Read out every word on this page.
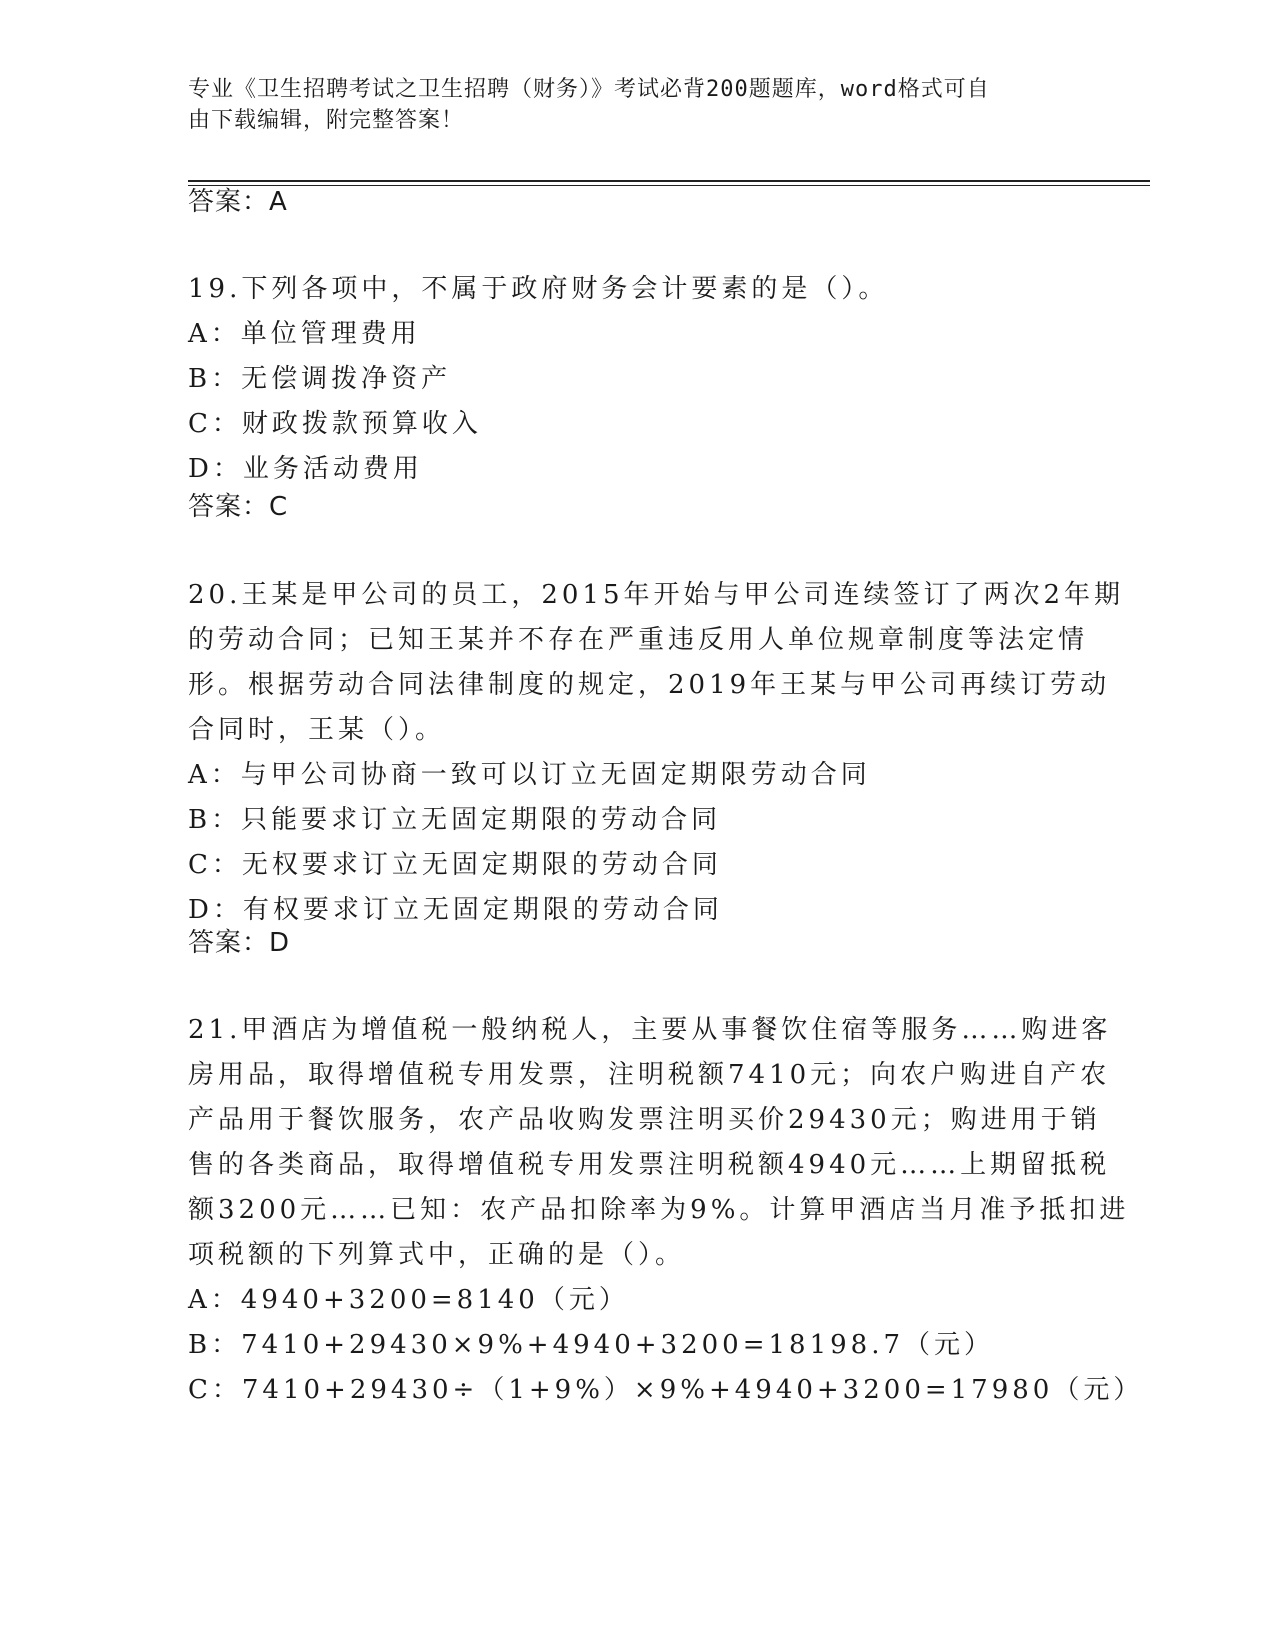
专业《卫生招聘考试之卫生招聘（财务）》考试必背200题题库，word格式可自
由下载编辑，附完整答案！
答案：A
19.下列各项中，不属于政府财务会计要素的是（）。
A：单位管理费用
B：无偿调拨净资产
C：财政拨款预算收入
D：业务活动费用
答案：C
20.王某是甲公司的员工，2015年开始与甲公司连续签订了两次2年期
的劳动合同；已知王某并不存在严重违反用人单位规章制度等法定情
形。根据劳动合同法律制度的规定，2019年王某与甲公司再续订劳动
合同时，王某（）。
A：与甲公司协商一致可以订立无固定期限劳动合同
B：只能要求订立无固定期限的劳动合同
C：无权要求订立无固定期限的劳动合同
D：有权要求订立无固定期限的劳动合同
答案：D
21.甲酒店为增值税一般纳税人，主要从事餐饮住宿等服务……购进客
房用品，取得增值税专用发票，注明税额7410元；向农户购进自产农
产品用于餐饮服务，农产品收购发票注明买价29430元；购进用于销
售的各类商品，取得增值税专用发票注明税额4940元……上期留抵税
额3200元……已知：农产品扣除率为9%。计算甲酒店当月准予抵扣进
项税额的下列算式中，正确的是（）。
A：4940+3200=8140（元）
B：7410+29430×9%+4940+3200=18198.7（元）
C：7410+29430÷（1+9%）×9%+4940+3200=17980（元）
